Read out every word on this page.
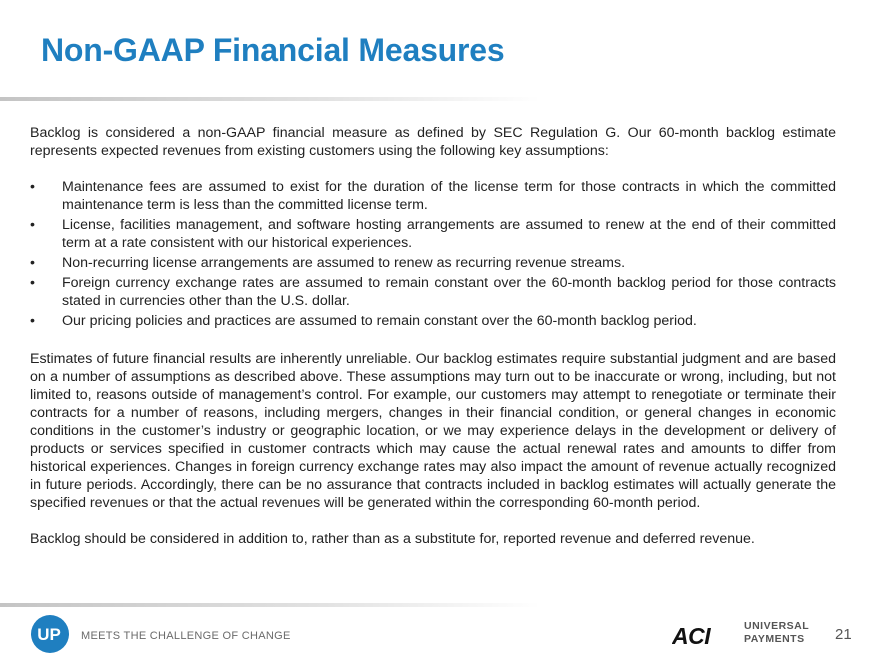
Non-GAAP Financial Measures

Backlog is considered a non-GAAP financial measure as defined by SEC Regulation G. Our 60-month backlog estimate represents expected revenues from existing customers using the following key assumptions:

• Maintenance fees are assumed to exist for the duration of the license term for those contracts in which the committed maintenance term is less than the committed license term.
• License, facilities management, and software hosting arrangements are assumed to renew at the end of their committed term at a rate consistent with our historical experiences.
• Non-recurring license arrangements are assumed to renew as recurring revenue streams.
• Foreign currency exchange rates are assumed to remain constant over the 60-month backlog period for those contracts stated in currencies other than the U.S. dollar.
• Our pricing policies and practices are assumed to remain constant over the 60-month backlog period.

Estimates of future financial results are inherently unreliable. Our backlog estimates require substantial judgment and are based on a number of assumptions as described above. These assumptions may turn out to be inaccurate or wrong, including, but not limited to, reasons outside of management’s control. For example, our customers may attempt to renegotiate or terminate their contracts for a number of reasons, including mergers, changes in their financial condition, or general changes in economic conditions in the customer’s industry or geographic location, or we may experience delays in the development or delivery of products or services specified in customer contracts which may cause the actual renewal rates and amounts to differ from historical experiences. Changes in foreign currency exchange rates may also impact the amount of revenue actually recognized in future periods. Accordingly, there can be no assurance that contracts included in backlog estimates will actually generate the specified revenues or that the actual revenues will be generated within the corresponding 60-month period.

Backlog should be considered in addition to, rather than as a substitute for, reported revenue and deferred revenue.

UP MEETS THE CHALLENGE OF CHANGE	ACI	UNIVERSAL
PAYMENTS	21
